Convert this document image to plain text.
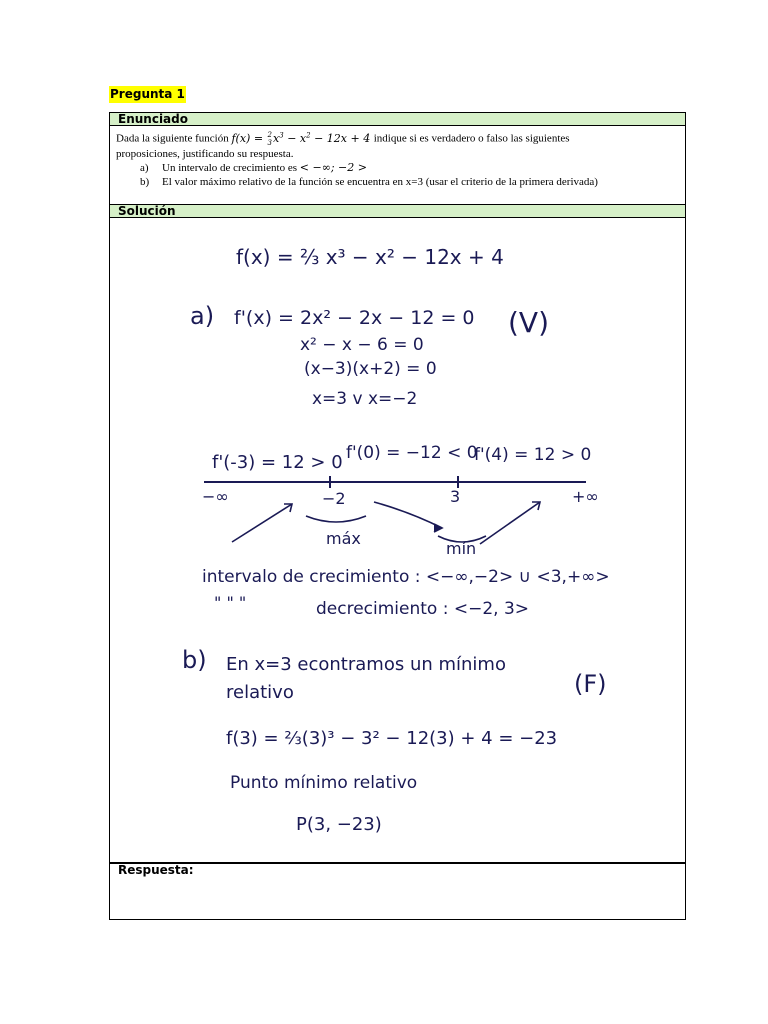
Pregunta 1
Enunciado
Dada la siguiente función f(x) = 2
3 $x^3 - x^2 - 12x + 4$ indique si es verdadero o falso las siguientes
proposiciones, justificando su respuesta.
a) Un intervalo de crecimiento es < −∞; −2 >
b) El valor máximo relativo de la función se encuentra en x=3 (usar el criterio de la primera derivada)
Solución
f(x) = ⅔ x³ − x² − 12x + 4
a) f'(x) = 2x² − 2x − 12 = 0 (V)
x² − x − 6 = 0
(x−3)(x+2) = 0
x=3 v x=−2
f'(-3) = 12 > 0 f'(0) = −12 < 0
f'(4) = 12 > 0
−∞	−2	3	+∞
máx
mín
intervalo de crecimiento : <−∞,−2> ∪ <3,+∞>
" " "	decrecimiento : <−2, 3>
b) En x=3 econtramos un mínimo
relativo	(F)
f(3) = ⅔(3)³ − 3² − 12(3) + 4 = −23
Punto mínimo relativo
P(3, −23)
Respuesta:
